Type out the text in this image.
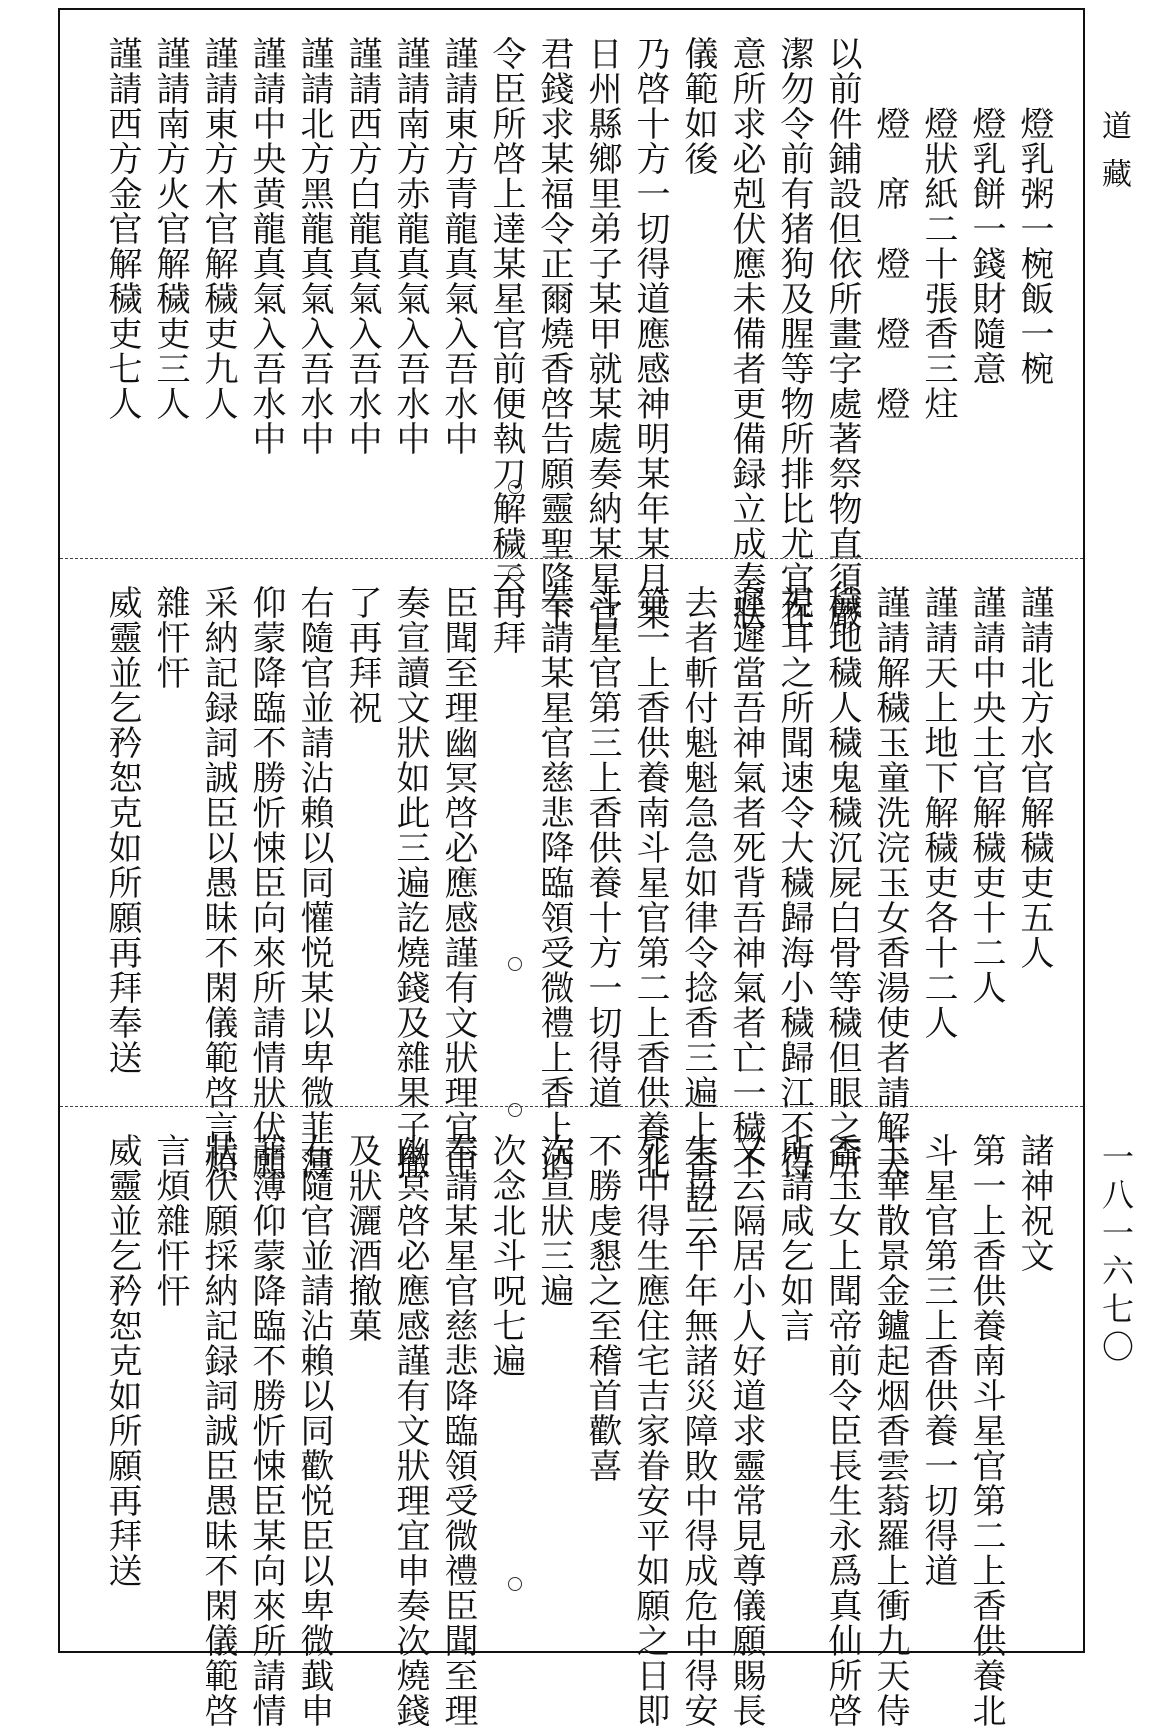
　　燈乳粥一椀飯一椀
　　燈乳餅一錢財隨意
　　燈狀紙二十張香三炷
　　燈　席　燈　燈　燈
以前件鋪設但依所畫字處著祭物直須嚴
潔勿令前有猪狗及腥等物所排比尤宜在
意所求必剋伏應未備者更備録立成奏狀
儀範如後
乃啓十方一切得道應感神明某年某月某
日州縣鄉里弟子某甲就某處奏納某星官
君錢求某福令正爾燒香啓告願靈聖降下
令臣所啓上達某星官前便執刀解穢云
謹請東方青龍真氣入吾水中
謹請南方赤龍真氣入吾水中
謹請西方白龍真氣入吾水中
謹請北方黑龍真氣入吾水中
謹請中央黄龍真氣入吾水中
謹請東方木官解穢吏九人
謹請南方火官解穢吏三人
謹請西方金官解穢吏七人
謹請北方水官解穢吏五人
謹請中央土官解穢吏十二人
謹請天上地下解穢吏各十二人
謹請解穢玉童洗浣玉女香湯使者請解天
穢地穢人穢鬼穢沉屍白骨等穢但眼之所
視耳之所聞速令大穢歸海小穢歸江不得
遲遲當吾神氣者死背吾神氣者亡一穢不
去者斬付魁魁急急如律令捻香三遍上香訖云
第一上香供養南斗星官第二上香供養北
斗星官第三上香供養十方一切得道
奉請某星官慈悲降臨領受微禮上香上酒
再拜
臣聞至理幽冥啓必應感謹有文狀理宜申
奏宣讀文狀如此三遍訖燒錢及雜果子撤
了再拜祝
右隨官並請沾賴以同懽悦某以卑微菲薄
仰蒙降臨不勝忻悚臣向來所請情狀伏願
采納記録詞誠臣以愚昧不閑儀範啓言煩
雜忓忓
威靈並乞矜恕克如所願再拜奉送
諸神祝文
第一上香供養南斗星官第二上香供養北
斗星官第三上香供養一切得道
玉華散景金鑪起烟香雲蓊羅上衝九天侍
香玉女上聞帝前令臣長生永爲真仙所啓
所請咸乞如言
又云隔居小人好道求靈常見尊儀願賜長
生百二十年無諸災障敗中得成危中得安
死中得生應住宅吉家眷安平如願之日即
不勝虔懇之至稽首歡喜
次宣狀三遍
次念北斗呪七遍
奉請某星官慈悲降臨領受微禮臣聞至理
幽冥啓必應感謹有文狀理宜申奏次燒錢
及狀灑酒撤菓
右隨官並請沾賴以同歡悦臣以卑微韯申
菲薄仰蒙降臨不勝忻悚臣某向來所請情
狀伏願採納記録詞誠臣愚昧不閑儀範啓
言煩雜忓忓
威靈並乞矜恕克如所願再拜送
道藏
一八一六七〇
